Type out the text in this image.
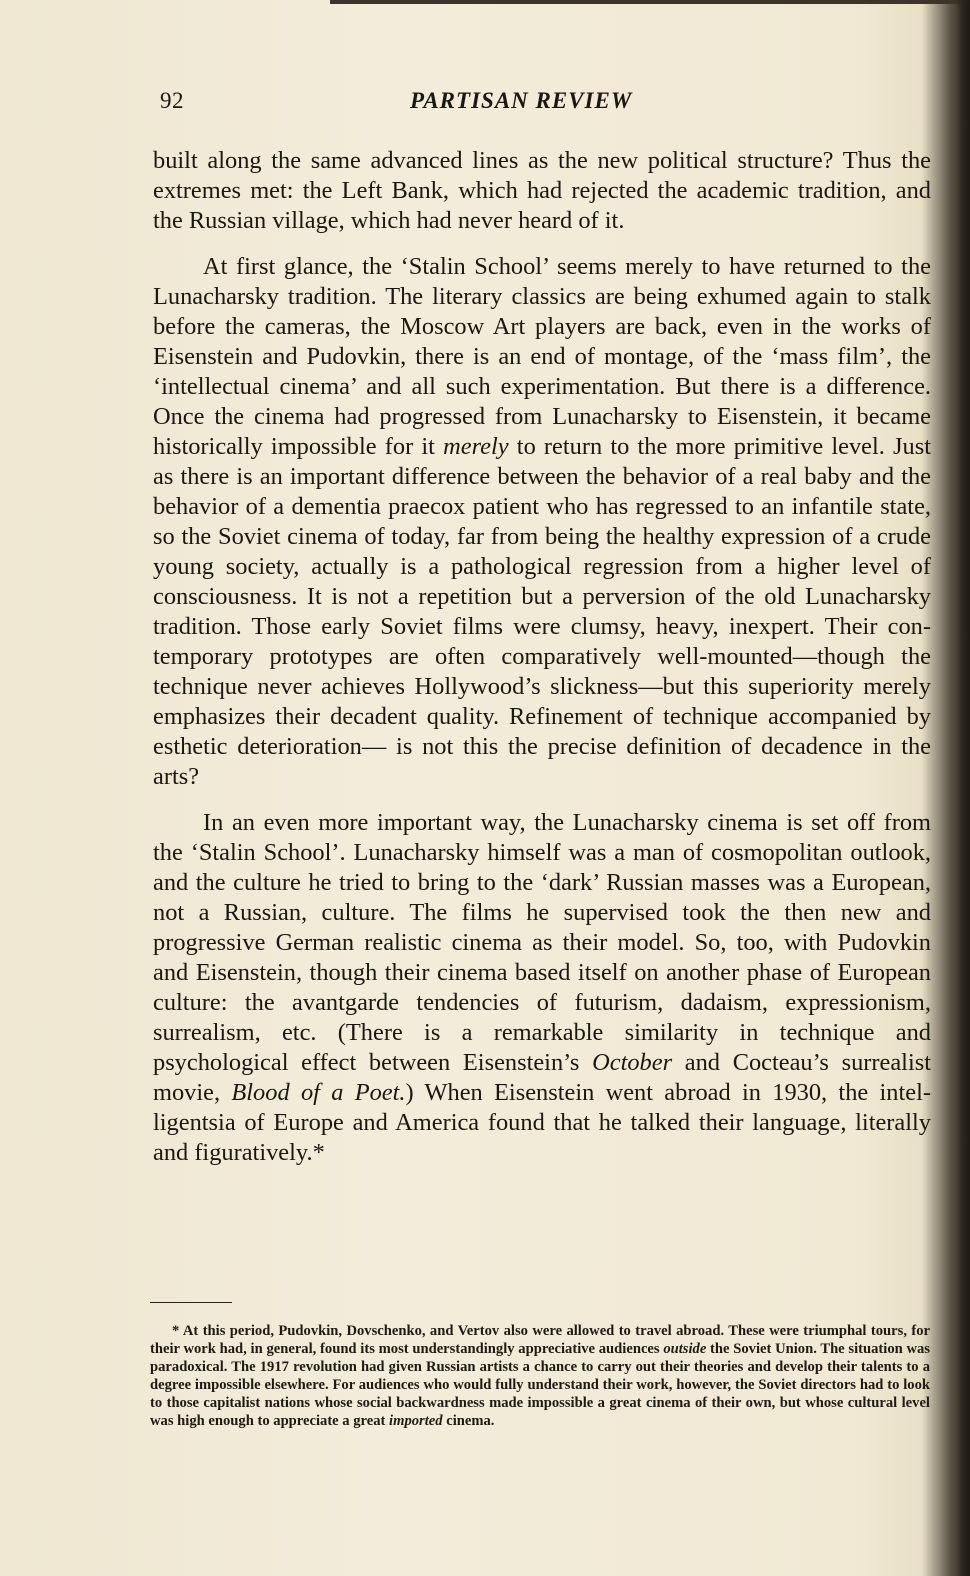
92	PARTISAN REVIEW

built along the same advanced lines as the new political structure? Thus the extremes met: the Left Bank, which had rejected the academic tradition, and the Russian village, which had never heard of it.

At first glance, the ‘Stalin School’ seems merely to have returned to the Lunacharsky tradition. The literary classics are being exhumed again to stalk before the cameras, the Moscow Art players are back, even in the works of Eisenstein and Pudovkin, there is an end of montage, of the ‘mass film’, the ‘intellectual cinema’ and all such experimentation. But there is a difference. Once the cinema had progressed from Lunacharsky to Eisenstein, it became historically impossible for it merely to return to the more primitive level. Just as there is an important difference between the behavior of a real baby and the behavior of a dementia praecox patient who has regressed to an infantile state, so the Soviet cinema of today, far from being the healthy expression of a crude young society, actually is a pathological regression from a higher level of consciousness. It is not a repetition but a perversion of the old Lunacharsky tradition. Those early Soviet films were clumsy, heavy, inexpert. Their contemporary prototypes are often comparatively well-mounted—though the technique never achieves Hollywood’s slickness—but this superiority merely emphasizes their decadent quality. Refinement of technique accompanied by esthetic deterioration— is not this the precise definition of decadence in the arts?

In an even more important way, the Lunacharsky cinema is set off from the ‘Stalin School’. Lunacharsky himself was a man of cosmopolitan outlook, and the culture he tried to bring to the ‘dark’ Russian masses was a European, not a Russian, culture. The films he supervised took the then new and progressive German realistic cinema as their model. So, too, with Pudovkin and Eisenstein, though their cinema based itself on another phase of European culture: the avantgarde tendencies of futurism, dadaism, expressionism, surrealism, etc. (There is a remarkable similarity in technique and psychological effect between Eisenstein’s October and Cocteau’s surrealist movie, Blood of a Poet.) When Eisenstein went abroad in 1930, the intelligentsia of Europe and America found that he talked their language, literally and figuratively.*

* At this period, Pudovkin, Dovschenko, and Vertov also were allowed to travel abroad. These were triumphal tours, for their work had, in general, found its most understandingly appreciative audiences outside the Soviet Union. The situation was paradoxical. The 1917 revolution had given Russian artists a chance to carry out their theories and develop their talents to a degree impossible elsewhere. For audiences who would fully understand their work, however, the Soviet directors had to look to those capitalist nations whose social backwardness made impossible a great cinema of their own, but whose cultural level was high enough to appreciate a great imported cinema.
